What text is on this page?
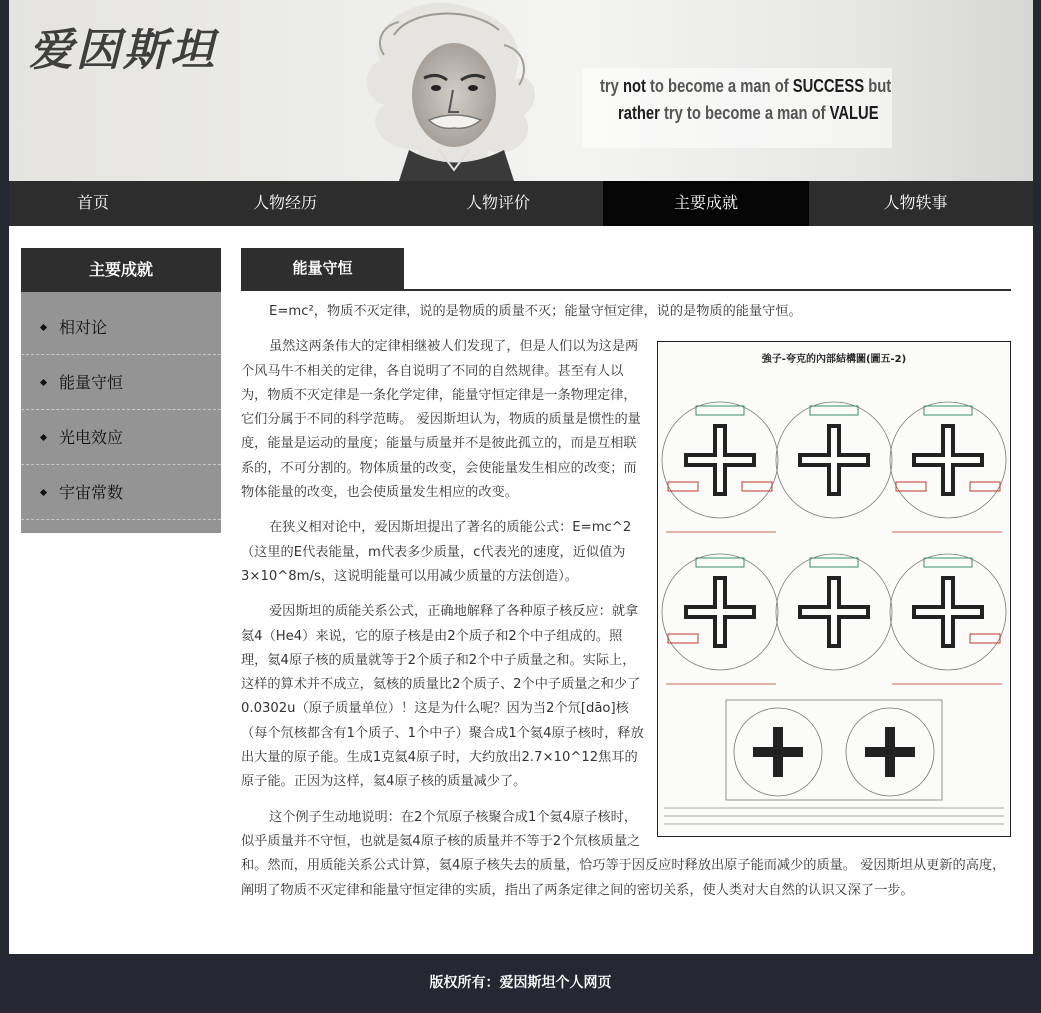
爱因斯坦
try not to become a man of SUCCESS but
rather try to become a man of VALUE
首页	人物经历	人物评价	主要成就	人物轶事
主要成就
相对论
能量守恒
光电效应
宇宙常数
能量守恒

E=mc²，物质不灭定律，说的是物质的质量不灭；能量守恒定律，说的是物质的能量守恒。

強子-夸克的內部結構圖(圖五-2)

虽然这两条伟大的定律相继被人们发现了，但是人们以为这是两个风马牛不相关的定律，各自说明了不同的自然规律。甚至有人以为，物质不灭定律是一条化学定律，能量守恒定律是一条物理定律，它们分属于不同的科学范畴。 爱因斯坦认为，物质的质量是惯性的量度，能量是运动的量度；能量与质量并不是彼此孤立的，而是互相联系的，不可分割的。物体质量的改变，会使能量发生相应的改变；而物体能量的改变，也会使质量发生相应的改变。

在狭义相对论中，爱因斯坦提出了著名的质能公式：E=mc^2（这里的E代表能量，m代表多少质量，c代表光的速度，近似值为3×10^8m/s，这说明能量可以用减少质量的方法创造）。

爱因斯坦的质能关系公式，正确地解释了各种原子核反应：就拿氦4（He4）来说，它的原子核是由2个质子和2个中子组成的。照理，氦4原子核的质量就等于2个质子和2个中子质量之和。实际上，这样的算术并不成立，氦核的质量比2个质子、2个中子质量之和少了0.0302u（原子质量单位）！这是为什么呢？因为当2个氘[dāo]核（每个氘核都含有1个质子、1个中子）聚合成1个氦4原子核时，释放出大量的原子能。生成1克氦4原子时，大约放出2.7×10^12焦耳的原子能。正因为这样，氦4原子核的质量减少了。

这个例子生动地说明：在2个氘原子核聚合成1个氦4原子核时，似乎质量并不守恒，也就是氦4原子核的质量并不等于2个氘核质量之和。然而，用质能关系公式计算，氦4原子核失去的质量，恰巧等于因反应时释放出原子能而减少的质量。 爱因斯坦从更新的高度，阐明了物质不灭定律和能量守恒定律的实质，指出了两条定律之间的密切关系，使人类对大自然的认识又深了一步。

版权所有：爱因斯坦个人网页
